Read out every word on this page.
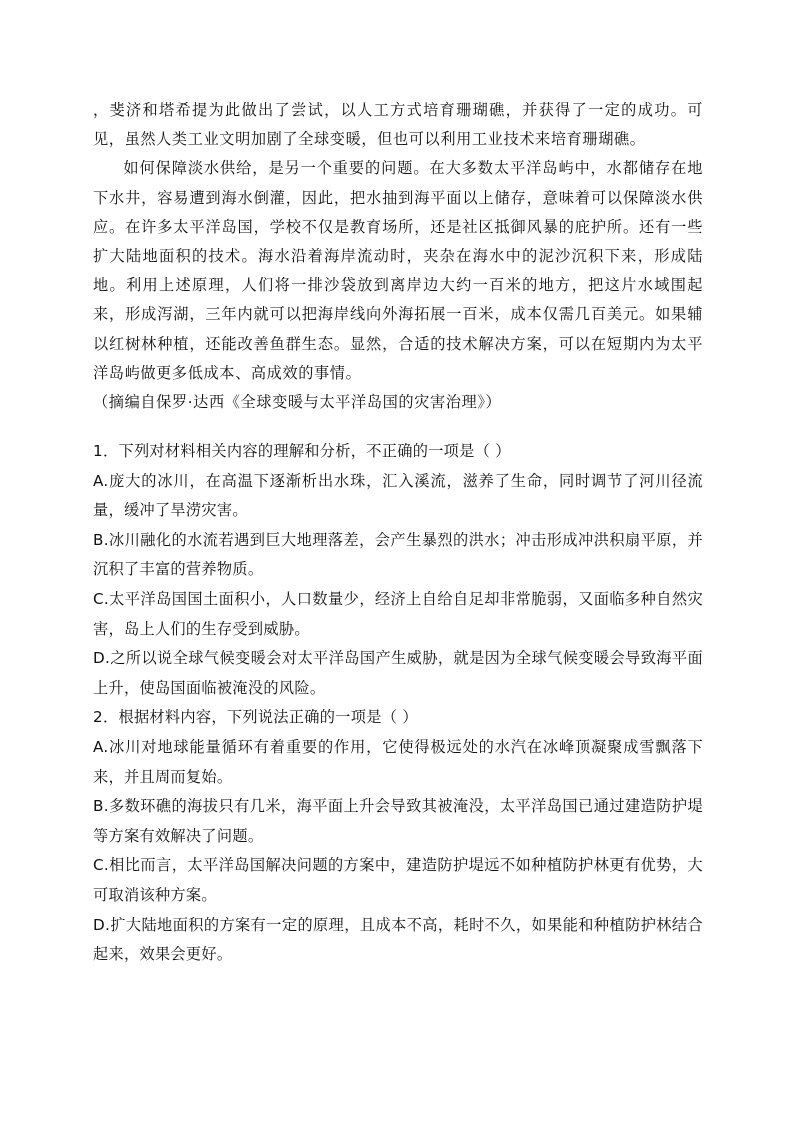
，斐济和塔希提为此做出了尝试，以人工方式培育珊瑚礁，并获得了一定的成功。可见，虽然人类工业文明加剧了全球变暖，但也可以利用工业技术来培育珊瑚礁。

如何保障淡水供给，是另一个重要的问题。在大多数太平洋岛屿中，水都储存在地下水井，容易遭到海水倒灌，因此，把水抽到海平面以上储存，意味着可以保障淡水供应。在许多太平洋岛国，学校不仅是教育场所，还是社区抵御风暴的庇护所。还有一些扩大陆地面积的技术。海水沿着海岸流动时，夹杂在海水中的泥沙沉积下来，形成陆地。利用上述原理，人们将一排沙袋放到离岸边大约一百米的地方，把这片水域围起来，形成泻湖，三年内就可以把海岸线向外海拓展一百米，成本仅需几百美元。如果辅以红树林种植，还能改善鱼群生态。显然，合适的技术解决方案，可以在短期内为太平洋岛屿做更多低成本、高成效的事情。

（摘编自保罗·达西《全球变暖与太平洋岛国的灾害治理》）

1．下列对材料相关内容的理解和分析，不正确的一项是（ ）

A.庞大的冰川，在高温下逐渐析出水珠，汇入溪流，滋养了生命，同时调节了河川径流量，缓冲了旱涝灾害。

B.冰川融化的水流若遇到巨大地理落差，会产生暴烈的洪水；冲击形成冲洪积扇平原，并沉积了丰富的营养物质。

C.太平洋岛国国土面积小，人口数量少，经济上自给自足却非常脆弱，又面临多种自然灾害，岛上人们的生存受到威胁。

D.之所以说全球气候变暖会对太平洋岛国产生威胁，就是因为全球气候变暖会导致海平面上升，使岛国面临被淹没的风险。

2．根据材料内容，下列说法正确的一项是（ ）

A.冰川对地球能量循环有着重要的作用，它使得极远处的水汽在冰峰顶凝聚成雪飘落下来，并且周而复始。

B.多数环礁的海拔只有几米，海平面上升会导致其被淹没，太平洋岛国已通过建造防护堤等方案有效解决了问题。

C.相比而言，太平洋岛国解决问题的方案中，建造防护堤远不如种植防护林更有优势，大可取消该种方案。

D.扩大陆地面积的方案有一定的原理，且成本不高，耗时不久，如果能和种植防护林结合起来，效果会更好。
